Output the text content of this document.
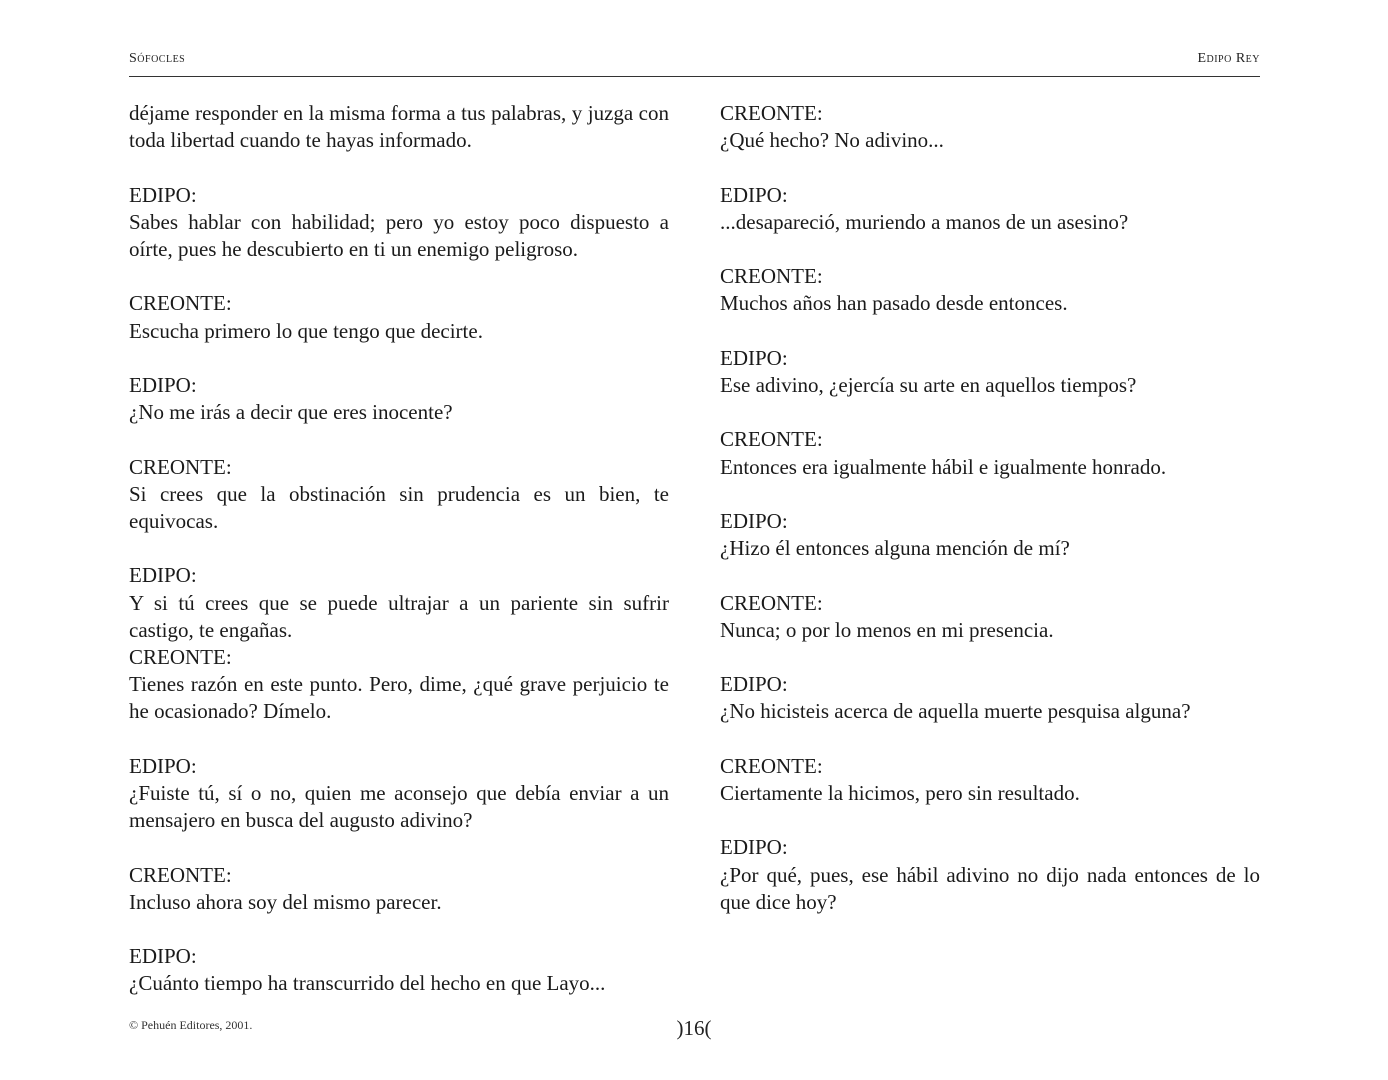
Sófocles	Edipo Rey
déjame responder en la misma forma a tus palabras, y juzga con toda libertad cuando te hayas informado.
EDIPO:
Sabes hablar con habilidad; pero yo estoy poco dispuesto a oírte, pues he descubierto en ti un enemigo peligroso.
CREONTE:
Escucha primero lo que tengo que decirte.
EDIPO:
¿No me irás a decir que eres inocente?
CREONTE:
Si crees que la obstinación sin prudencia es un bien, te equivocas.
EDIPO:
Y si tú crees que se puede ultrajar a un pariente sin sufrir castigo, te engañas.
CREONTE:
Tienes razón en este punto. Pero, dime, ¿qué grave perjuicio te he ocasionado? Dímelo.
EDIPO:
¿Fuiste tú, sí o no, quien me aconsejo que debía enviar a un mensajero en busca del augusto adivino?
CREONTE:
Incluso ahora soy del mismo parecer.
EDIPO:
¿Cuánto tiempo ha transcurrido del hecho en que Layo...
CREONTE:
¿Qué hecho? No adivino...
EDIPO:
...desapareció, muriendo a manos de un asesino?
CREONTE:
Muchos años han pasado desde entonces.
EDIPO:
Ese adivino, ¿ejercía su arte en aquellos tiempos?
CREONTE:
Entonces era igualmente hábil e igualmente honrado.
EDIPO:
¿Hizo él entonces alguna mención de mí?
CREONTE:
Nunca; o por lo menos en mi presencia.
EDIPO:
¿No hicisteis acerca de aquella muerte pesquisa alguna?
CREONTE:
Ciertamente la hicimos, pero sin resultado.
EDIPO:
¿Por qué, pues, ese hábil adivino no dijo nada entonces de lo que dice hoy?
© Pehuén Editores, 2001.	)16(
